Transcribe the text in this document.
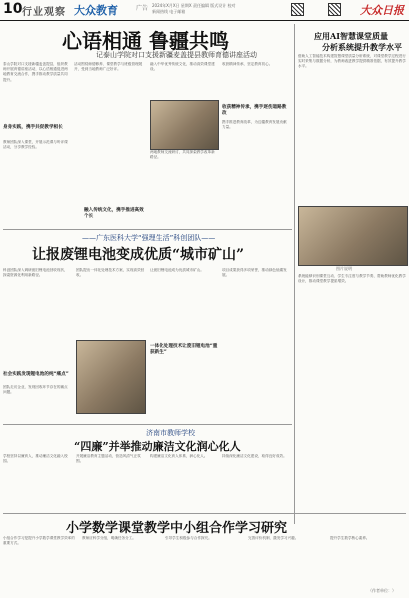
10 行业观察 大众教育	广告 2024年X月X日 星期X 责任编辑 版式设计 校对
新闻热线 电子邮箱	大众日报
心语相通 鲁疆共鸣
记泰山学院对口支援新疆麦盖提县教师育德讲座活动
泰山学院对口支援新疆麦盖提县，组织教师开展育德讲座活动，以心语相通促进两地教育交流合作，携手推动教学质量共同提升。
身身实践，携手共促教学相长
教师团队深入课堂，开展示范课与听评课活动，分享教学经验。
活动围绕师德修养、课堂教学与班级管理展开，受到当地教师广泛好评。
融入传统文化，携手推进高效个长
融入中华优秀传统文化，推动高效课堂建设。
两地教师交流研讨，共同探索教学改革新路径。
收获精神传承，坚定教育初心。
收获精神传承，携手逐伤道路教改
携手推进教育改革，为边疆教育发展贡献力量。
应用AI智慧课堂质量
分析系统提升教学水平
借助人工智能技术构建智慧课堂质量分析系统，对课堂教学过程进行实时采集与数据分析，为教师改进教学提供精准依据，有效提升教学水平。
图片说明
系统能够识别课堂互动、学生专注度与教学节奏，帮助教师优化教学设计，推动课堂教学提质增效。
——广东医科大学“强理生活”科创团队——
让报废锂电池变成优质“城市矿山”
科创团队深入调研废旧锂电池回收现状，探索资源化利用新路径。
社会实践发现锂电池的纯“痛点”
团队走访企业，发现回收环节存在的痛点问题。
团队提出一体化处理技术方案，实现高效回收。
一体化处理技术让废旧锂电池“重获新生”
让废旧锂电池成为优质城市矿山。	项目成果获得多项荣誉，推动绿色低碳发展。
济南市教师学校
“四廉”并举推动廉洁文化润心化人
学校坚持以廉育人，推动廉洁文化融入校园。
开展廉洁教育主题活动，营造风清气正氛围。
构建廉洁文化育人体系，润心化人。	持续深化廉洁文化建设，取得良好成效。
小学数学课堂教学中小组合作学习研究
小组合作学习是提升小学数学课堂教学效率的重要方式。
教师应科学分组，明确任务分工。	引导学生积极参与合作探究。	完善评价机制，激发学习兴趣。	提升学生数学核心素养。
（作者单位：）
